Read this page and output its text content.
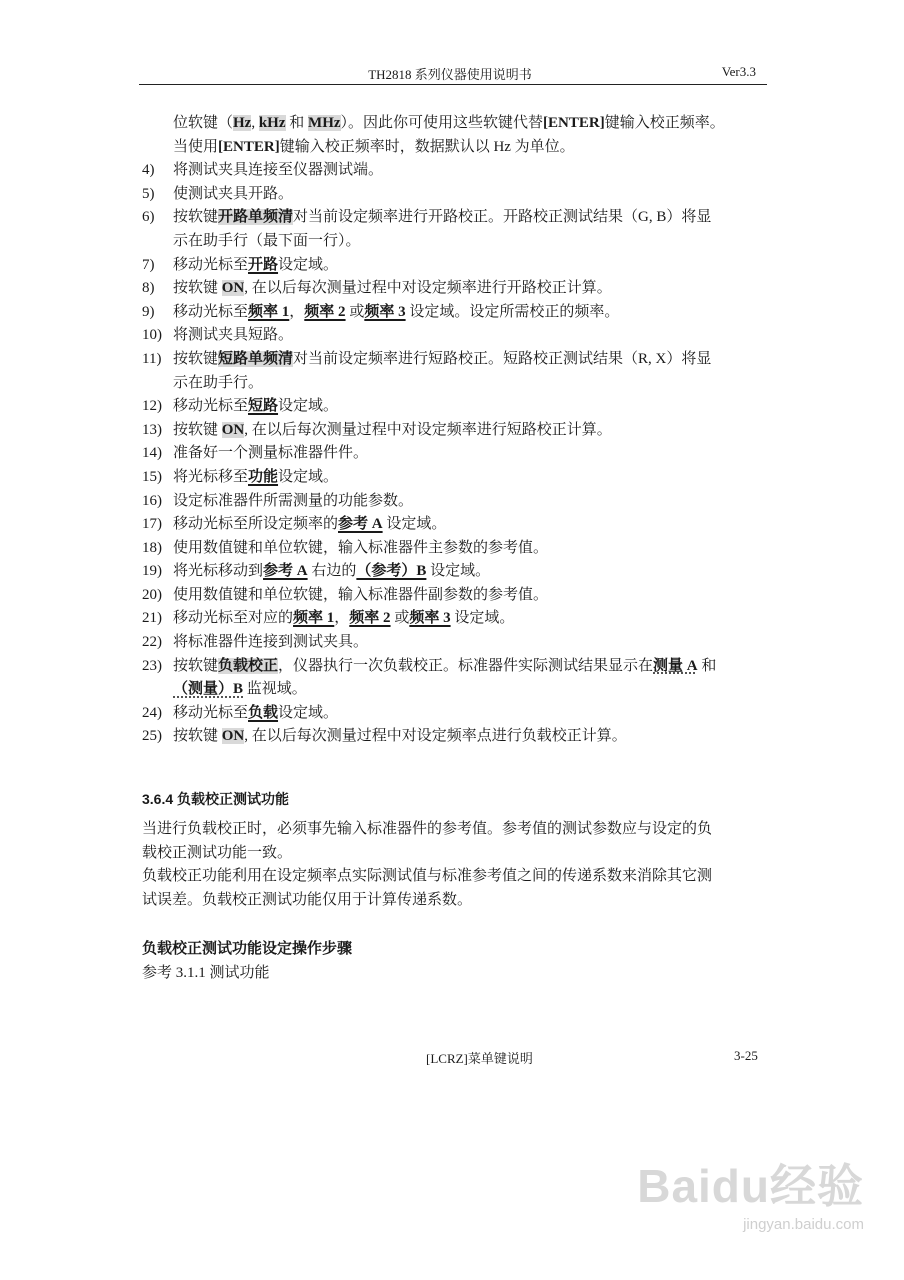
TH2818 系列仪器使用说明书	Ver3.3
位软键（Hz, kHz 和 MHz）。因此你可使用这些软键代替[ENTER]键输入校正频率。
当使用[ENTER]键输入校正频率时，数据默认以 Hz 为单位。
4) 将测试夹具连接至仪器测试端。
5) 使测试夹具开路。
6) 按软键开路单频清对当前设定频率进行开路校正。开路校正测试结果（G, B）将显
示在助手行（最下面一行）。
7) 移动光标至开路设定域。
8) 按软键 ON, 在以后每次测量过程中对设定频率进行开路校正计算。
9) 移动光标至频率 1，频率 2 或频率 3 设定域。设定所需校正的频率。
10) 将测试夹具短路。
11) 按软键短路单频清对当前设定频率进行短路校正。短路校正测试结果（R, X）将显
示在助手行。
12) 移动光标至短路设定域。
13) 按软键 ON, 在以后每次测量过程中对设定频率进行短路校正计算。
14) 准备好一个测量标准器件件。
15) 将光标移至功能设定域。
16) 设定标准器件所需测量的功能参数。
17) 移动光标至所设定频率的参考 A 设定域。
18) 使用数值键和单位软键，输入标准器件主参数的参考值。
19) 将光标移动到参考 A 右边的（参考）B 设定域。
20) 使用数值键和单位软键，输入标准器件副参数的参考值。
21) 移动光标至对应的频率 1，频率 2 或频率 3 设定域。
22) 将标准器件连接到测试夹具。
23) 按软键负载校正，仪器执行一次负载校正。标准器件实际测试结果显示在测量 A 和
（测量）B 监视域。
24) 移动光标至负载设定域。
25) 按软键 ON, 在以后每次测量过程中对设定频率点进行负载校正计算。
3.6.4 负载校正测试功能
当进行负载校正时，必须事先输入标准器件的参考值。参考值的测试参数应与设定的负
载校正测试功能一致。
负载校正功能利用在设定频率点实际测试值与标准参考值之间的传递系数来消除其它测
试误差。负载校正测试功能仅用于计算传递系数。
负载校正测试功能设定操作步骤
参考 3.1.1 测试功能
[LCRZ]菜单键说明	3-25
Baidu经验
jingyan.baidu.com
